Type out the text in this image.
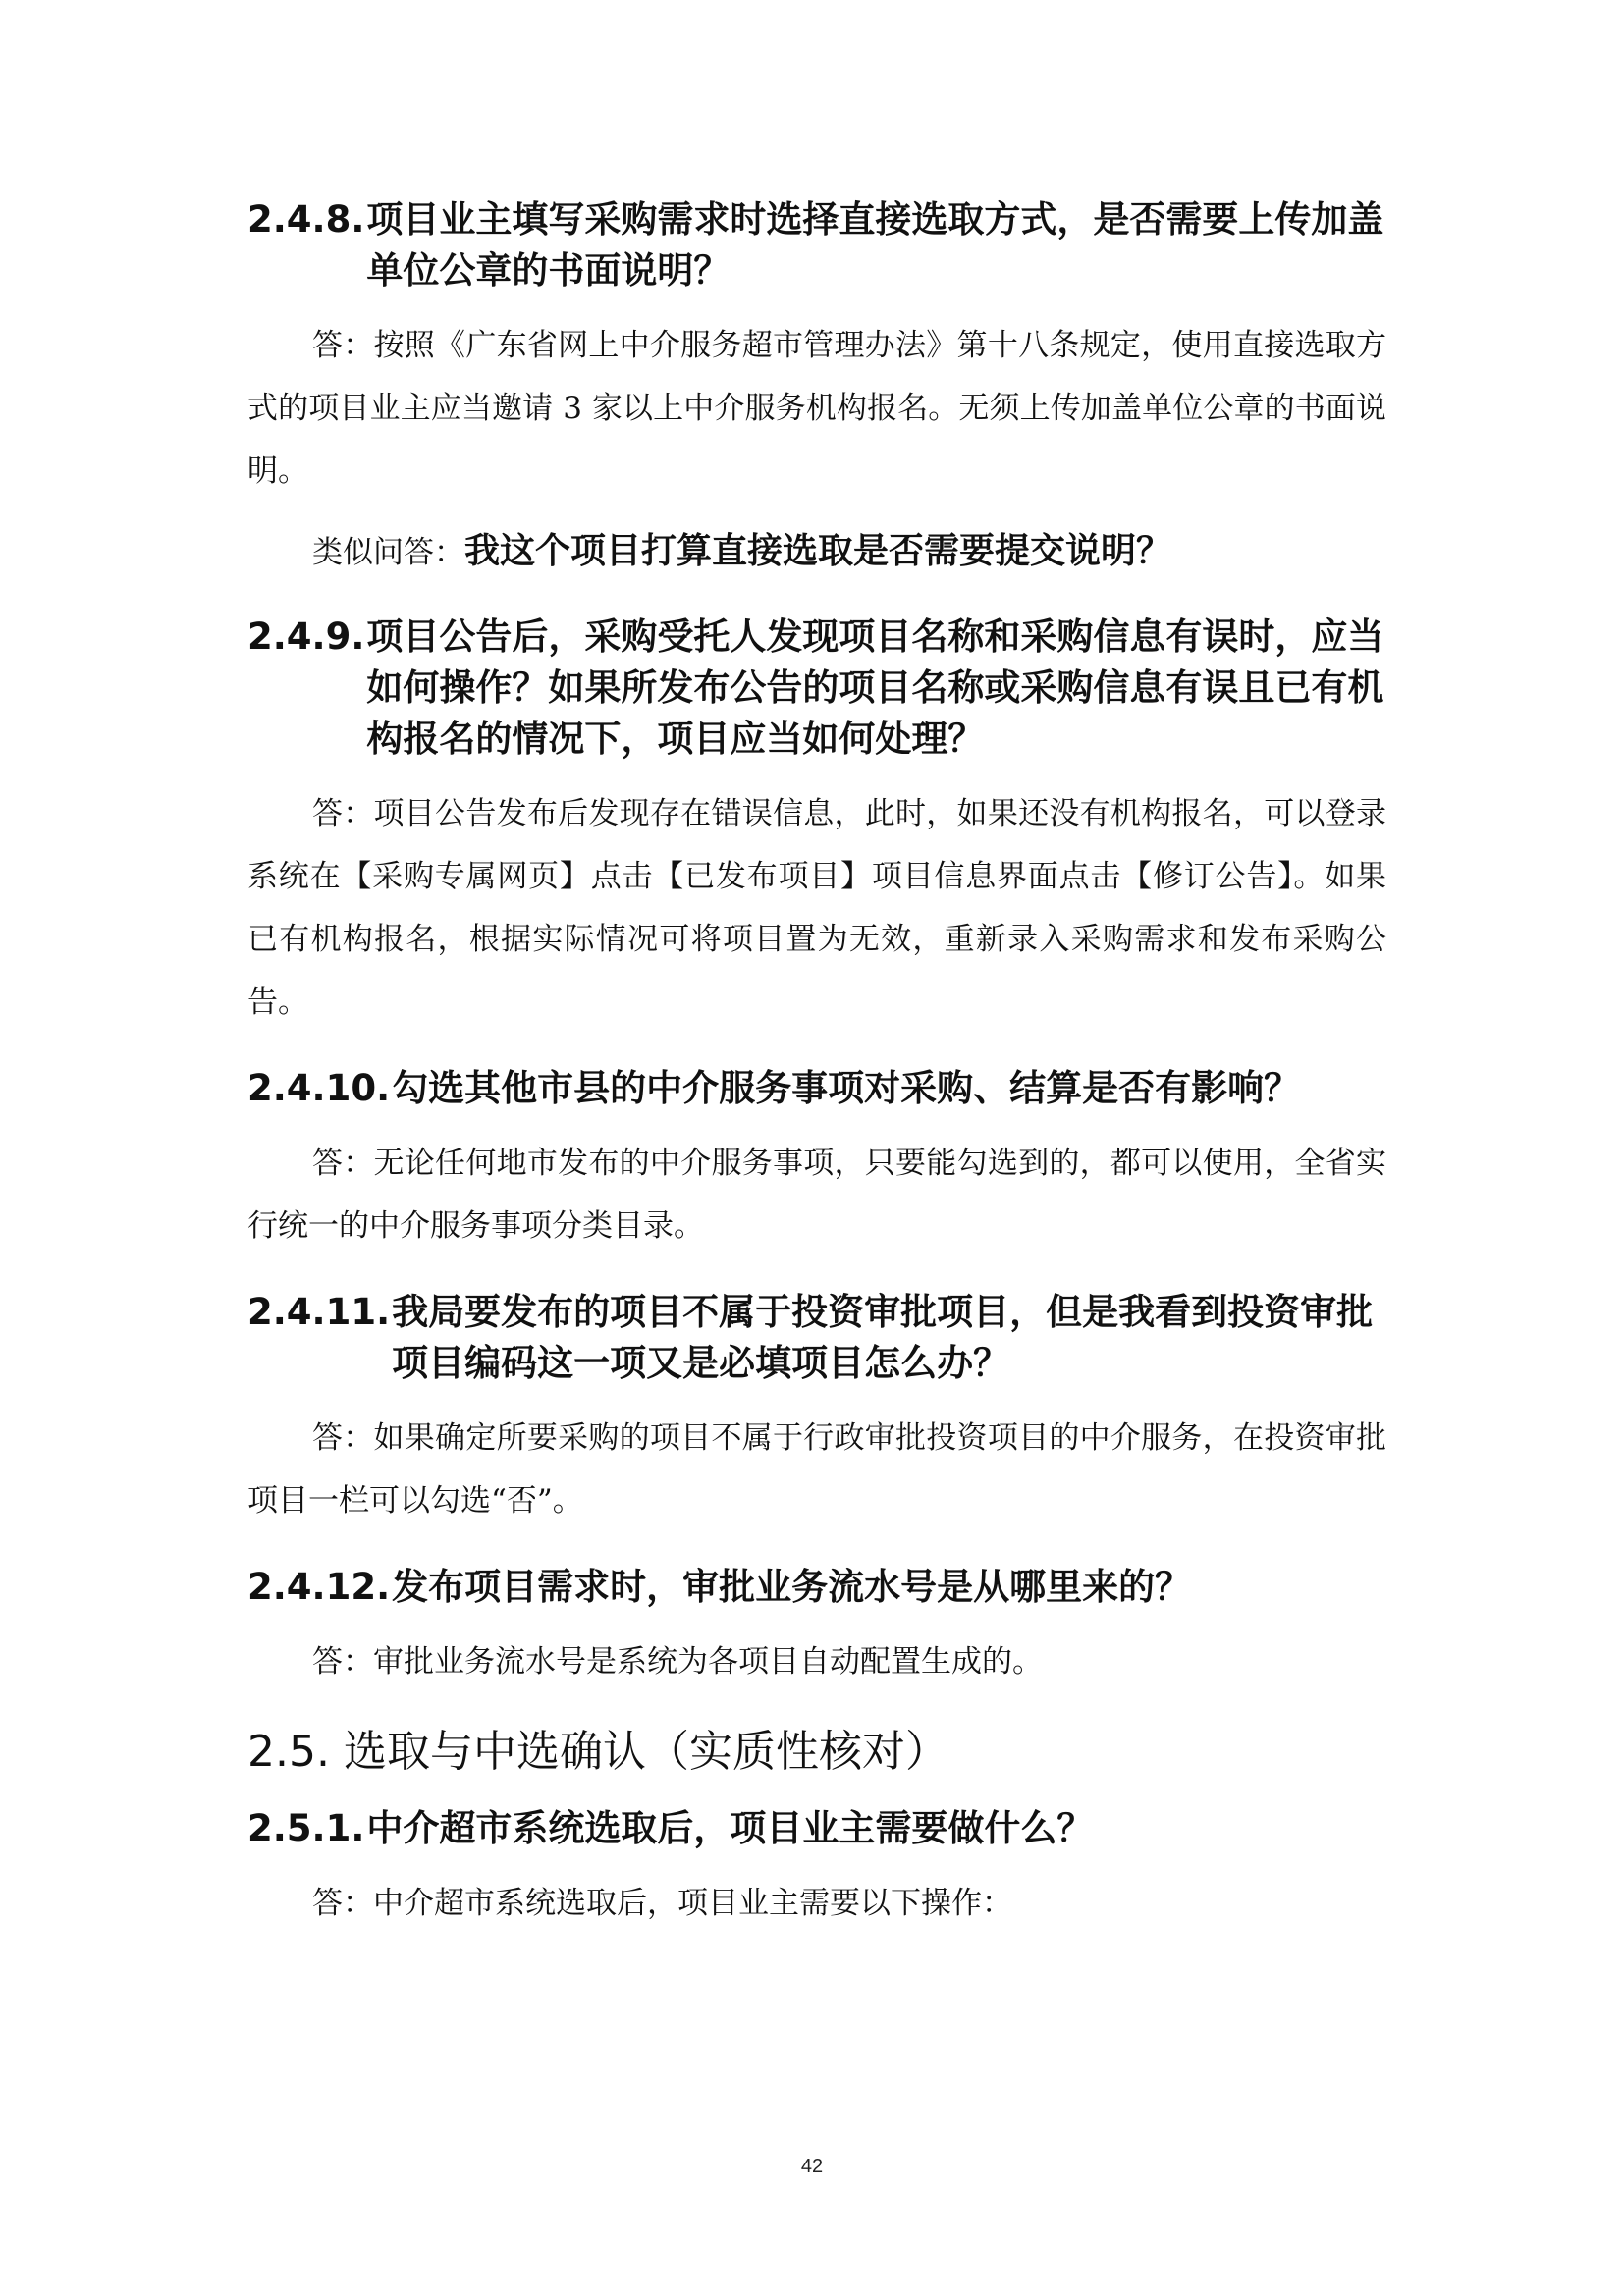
2.4.8. 项目业主填写采购需求时选择直接选取方式，是否需要上传加盖单位公章的书面说明？

答：按照《广东省网上中介服务超市管理办法》第十八条规定，使用直接选取方式的项目业主应当邀请 3 家以上中介服务机构报名。无须上传加盖单位公章的书面说明。

类似问答：我这个项目打算直接选取是否需要提交说明？

2.4.9. 项目公告后，采购受托人发现项目名称和采购信息有误时，应当如何操作？如果所发布公告的项目名称或采购信息有误且已有机构报名的情况下，项目应当如何处理？

答：项目公告发布后发现存在错误信息，此时，如果还没有机构报名，可以登录系统在【采购专属网页】点击【已发布项目】项目信息界面点击【修订公告】。如果已有机构报名，根据实际情况可将项目置为无效，重新录入采购需求和发布采购公告。

2.4.10. 勾选其他市县的中介服务事项对采购、结算是否有影响？

答：无论任何地市发布的中介服务事项，只要能勾选到的，都可以使用，全省实行统一的中介服务事项分类目录。

2.4.11. 我局要发布的项目不属于投资审批项目，但是我看到投资审批项目编码这一项又是必填项目怎么办？

答：如果确定所要采购的项目不属于行政审批投资项目的中介服务，在投资审批项目一栏可以勾选“否”。

2.4.12. 发布项目需求时，审批业务流水号是从哪里来的？

答：审批业务流水号是系统为各项目自动配置生成的。

2.5. 选取与中选确认（实质性核对）
2.5.1. 中介超市系统选取后，项目业主需要做什么？

答：中介超市系统选取后，项目业主需要以下操作：

42
